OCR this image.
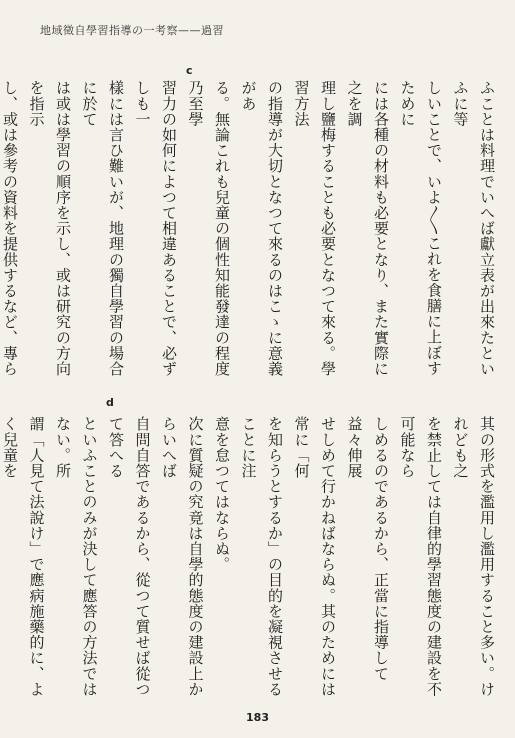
地域徵自學習指導の一考察——過習
c
ふことは料理でいへば獻立表が出來たといふに等
しいことで、いよ〳〵これを食膳に上ぼすために
には各種の材料も必要となり、また實際に之を調
理し鹽梅することも必要となつて來る。學習方法
の指導が大切となつて來るのはこゝに意義があ
る。無論これも兒童の個性知能發達の程度乃至學
習力の如何によつて相違あることで、必ずしも一
樣には言ひ難いが、地理の獨自學習の場合に於て
は或は學習の順序を示し、或は研究の方向を指示
し、或は參考の資料を提供するなど、專ら
d
其の形式を濫用し濫用すること多い。けれども之
を禁止しては自律的學習態度の建設を不可能なら
しめるのであるから、正當に指導して益々伸展
せしめて行かねばならぬ。其のためには常に「何
を知らうとするか」の目的を凝視させることに注
意を怠つてはならぬ。
次に質疑の究竟は自學的態度の建設上からいへば
自問自答であるから、從つて質せば從つて答へる
といふことのみが決して應答の方法ではない。所
謂「人見て法說け」で應病施藥的に、よく兒童を
183
